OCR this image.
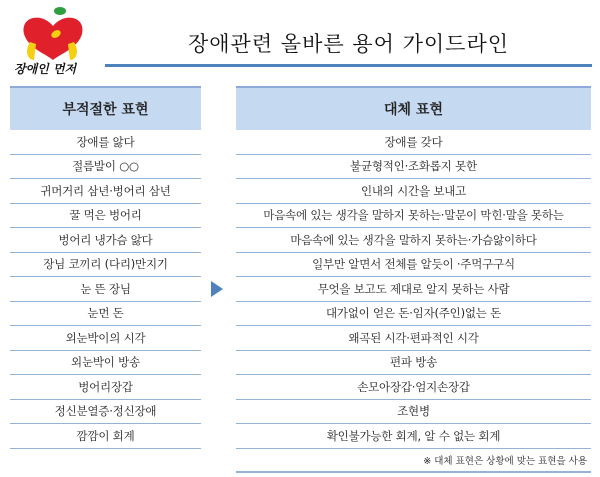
장애인 먼저
장애관련 올바른 용어 가이드라인
부적절한 표현
장애를 앓다
절름발이 ○○
귀머거리 삼년·벙어리 삼년
꿀 먹은 벙어리
벙어리 냉가슴 앓다
장님 코끼리 (다리)만지기
눈 뜬 장님
눈먼 돈
외눈박이의 시각
외눈박이 방송
벙어리장갑
정신분열증·정신장애
깜깜이 회계
대체 표현
장애를 갖다
불균형적인·조화롭지 못한
인내의 시간을 보내고
마음속에 있는 생각을 말하지 못하는·말문이 막힌·말을 못하는
마음속에 있는 생각을 말하지 못하는·가슴앓이하다
일부만 알면서 전체를 알듯이 ·주먹구구식
무엇을 보고도 제대로 알지 못하는 사람
대가없이 얻은 돈·임자(주인)없는 돈
왜곡된 시각·편파적인 시각
편파 방송
손모아장갑·엄지손장갑
조현병
확인불가능한 회계, 알 수 없는 회계
※ 대체 표현은 상황에 맞는 표현을 사용
